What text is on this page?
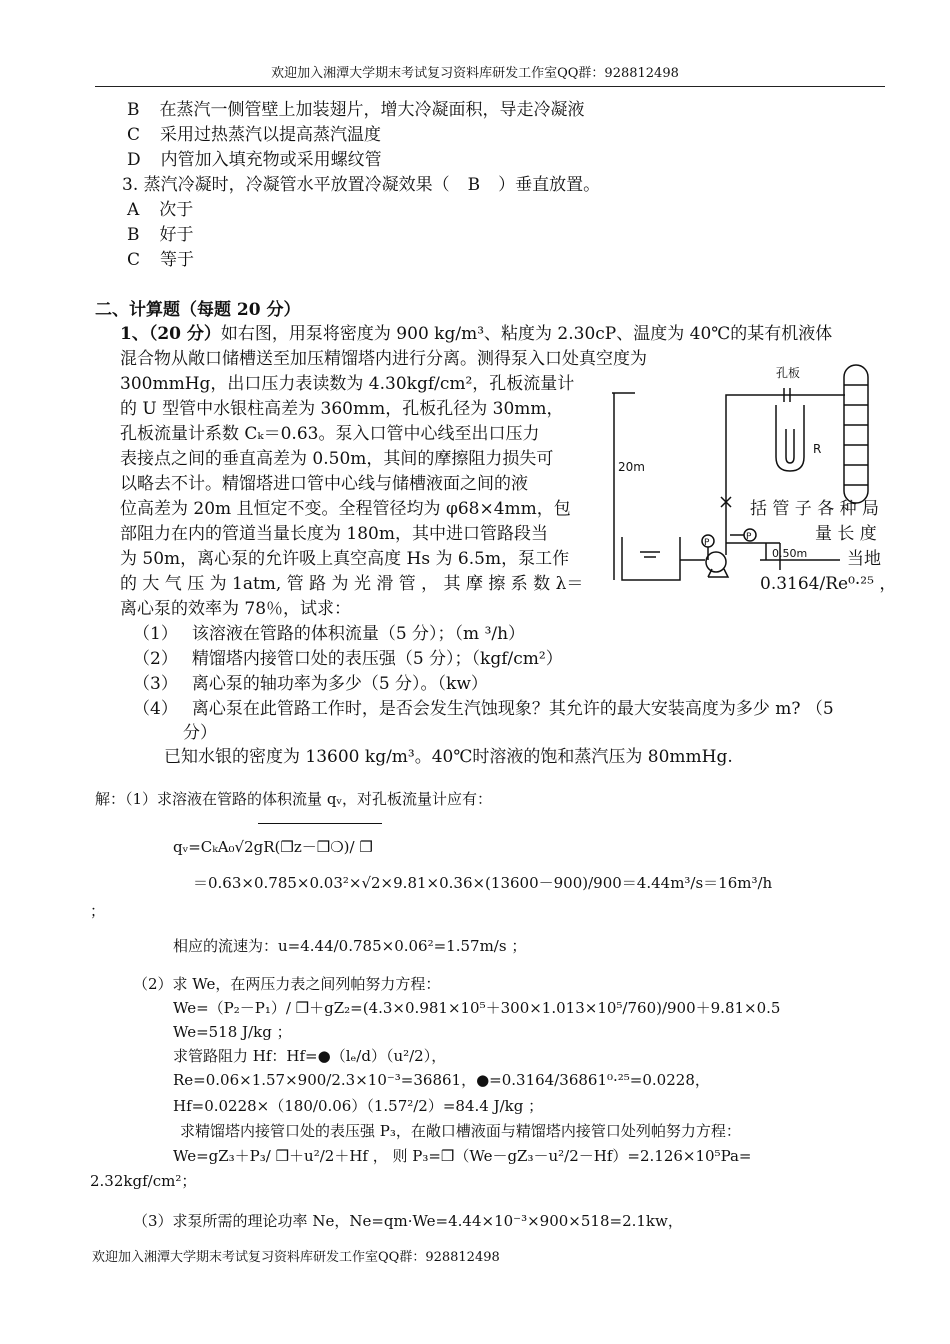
欢迎加入湘潭大学期末考试复习资料库研发工作室QQ群：928812498
B 在蒸汽一侧管壁上加装翅片，增大冷凝面积，导走冷凝液
C 采用过热蒸汽以提高蒸汽温度
D 内管加入填充物或采用螺纹管
3. 蒸汽冷凝时，冷凝管水平放置冷凝效果（ B ）垂直放置。
A 次于
B 好于
C 等于
二、计算题（每题 20 分）
1、（20 分）如右图，用泵将密度为 900 kg/m³、粘度为 2.30cP、温度为 40℃的某有机液体
混合物从敞口储槽送至加压精馏塔内进行分离。测得泵入口处真空度为
300mmHg，出口压力表读数为 4.30kgf/cm²，孔板流量计
的 U 型管中水银柱高差为 360mm，孔板孔径为 30mm，
孔板流量计系数 Cₖ＝0.63。泵入口管中心线至出口压力
表接点之间的垂直高差为 0.50m，其间的摩擦阻力损失可
以略去不计。精馏塔进口管中心线与储槽液面之间的液
位高差为 20m 且恒定不变。全程管径均为 φ68×4mm，包
部阻力在内的管道当量长度为 180m，其中进口管路段当
为 50m，离心泵的允许吸上真空高度 Hs 为 6.5m，泵工作
的 大 气 压 为 1atm, 管 路 为 光 滑 管 ， 其 摩 擦 系 数 λ＝
离心泵的效率为 78％，试求：
括 管 子 各 种 局
量 长 度
当地
0.3164/Re⁰·²⁵ ，
孔板
R
20m
0.50m
P
P
（1） 该溶液在管路的体积流量（5 分）；（m ³/h）
（2） 精馏塔内接管口处的表压强（5 分）；（kgf/cm²）
（3） 离心泵的轴功率为多少（5 分）。（kw）
（4） 离心泵在此管路工作时，是否会发生汽蚀现象？其允许的最大安装高度为多少 m? （5
分）
已知水银的密度为 13600 kg/m³。40℃时溶液的饱和蒸汽压为 80mmHg.
解：（1）求溶液在管路的体积流量 qᵥ，对孔板流量计应有：
qᵥ=CₖA₀√2gR(❒z－❒❍)/ ❒
＝0.63×0.785×0.03²×√2×9.81×0.36×(13600－900)/900＝4.44m³/s＝16m³/h
；
相应的流速为：u=4.44/0.785×0.06²=1.57m/s ；
（2）求 We，在两压力表之间列帕努力方程：
We=（P₂－P₁）/ ❒＋gZ₂=(4.3×0.981×10⁵＋300×1.013×10⁵/760)/900＋9.81×0.5
We=518 J/kg ；
求管路阻力 Hf：Hf=●（lₑ/d）（u²/2），
Re=0.06×1.57×900/2.3×10⁻³=36861，●=0.3164/36861⁰·²⁵=0.0228，
Hf=0.0228×（180/0.06）（1.57²/2）=84.4 J/kg ；
求精馏塔内接管口处的表压强 P₃，在敞口槽液面与精馏塔内接管口处列帕努力方程：
We=gZ₃＋P₃/ ❒＋u²/2＋Hf ， 则 P₃=❒（We－gZ₃－u²/2－Hf）=2.126×10⁵Pa=
2.32kgf/cm²；
（3）求泵所需的理论功率 Ne，Ne=qm·We=4.44×10⁻³×900×518=2.1kw，
欢迎加入湘潭大学期末考试复习资料库研发工作室QQ群：928812498
